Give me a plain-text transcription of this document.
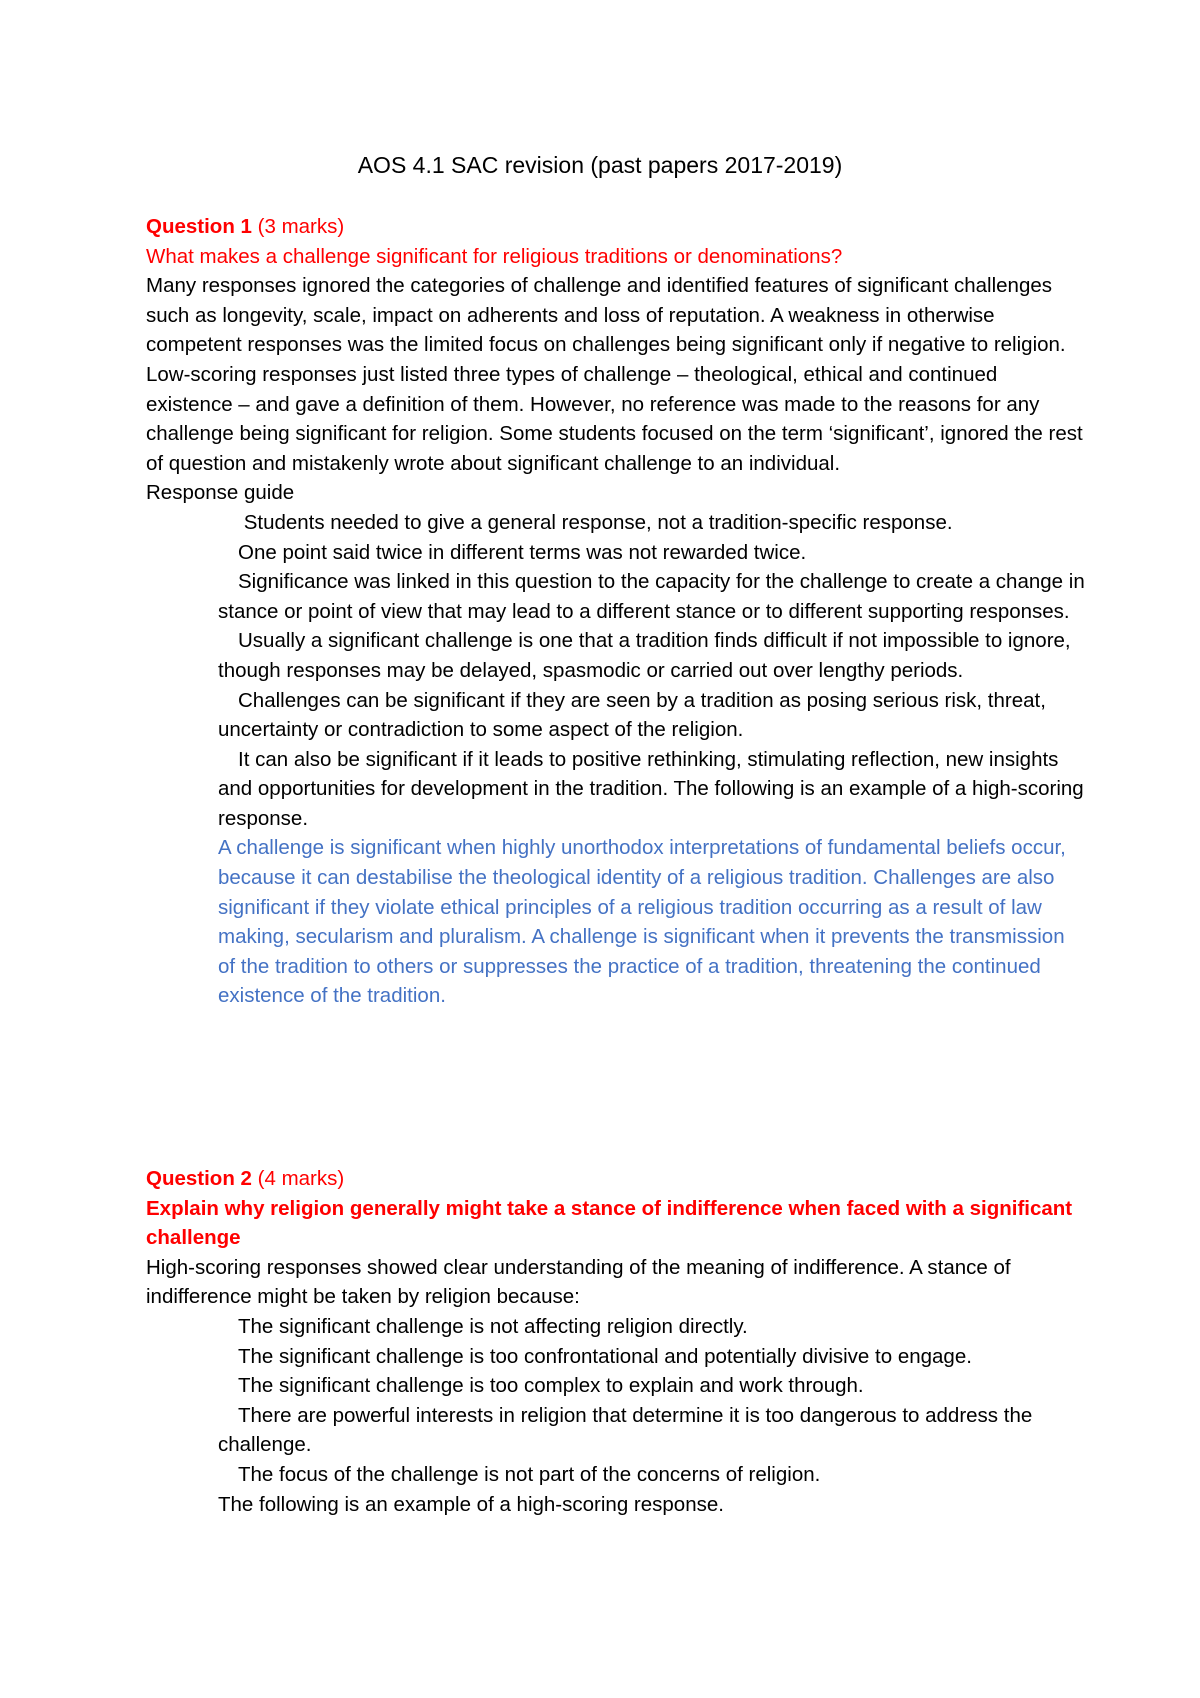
AOS 4.1 SAC revision (past papers 2017-2019)
Question 1 (3 marks)

What makes a challenge significant for religious traditions or denominations?

Many responses ignored the categories of challenge and identified features of significant challenges such as longevity, scale, impact on adherents and loss of reputation. A weakness in otherwise competent responses was the limited focus on challenges being significant only if negative to religion. Low-scoring responses just listed three types of challenge – theological, ethical and continued existence – and gave a definition of them. However, no reference was made to the reasons for any challenge being significant for religion. Some students focused on the term ‘significant’, ignored the rest of question and mistakenly wrote about significant challenge to an individual.

Response guide

Students needed to give a general response, not a tradition-specific response.

One point said twice in different terms was not rewarded twice.

Significance was linked in this question to the capacity for the challenge to create a change in stance or point of view that may lead to a different stance or to different supporting responses.

Usually a significant challenge is one that a tradition finds difficult if not impossible to ignore, though responses may be delayed, spasmodic or carried out over lengthy periods.

Challenges can be significant if they are seen by a tradition as posing serious risk, threat, uncertainty or contradiction to some aspect of the religion.

It can also be significant if it leads to positive rethinking, stimulating reflection, new insights and opportunities for development in the tradition. The following is an example of a high-scoring response.

A challenge is significant when highly unorthodox interpretations of fundamental beliefs occur, because it can destabilise the theological identity of a religious tradition. Challenges are also significant if they violate ethical principles of a religious tradition occurring as a result of law making, secularism and pluralism. A challenge is significant when it prevents the transmission of the tradition to others or suppresses the practice of a tradition, threatening the continued existence of the tradition.

Question 2 (4 marks)

Explain why religion generally might take a stance of indifference when faced with a significant challenge

High-scoring responses showed clear understanding of the meaning of indifference. A stance of indifference might be taken by religion because:

The significant challenge is not affecting religion directly.

The significant challenge is too confrontational and potentially divisive to engage.

The significant challenge is too complex to explain and work through.

There are powerful interests in religion that determine it is too dangerous to address the challenge.

The focus of the challenge is not part of the concerns of religion.

The following is an example of a high-scoring response.
